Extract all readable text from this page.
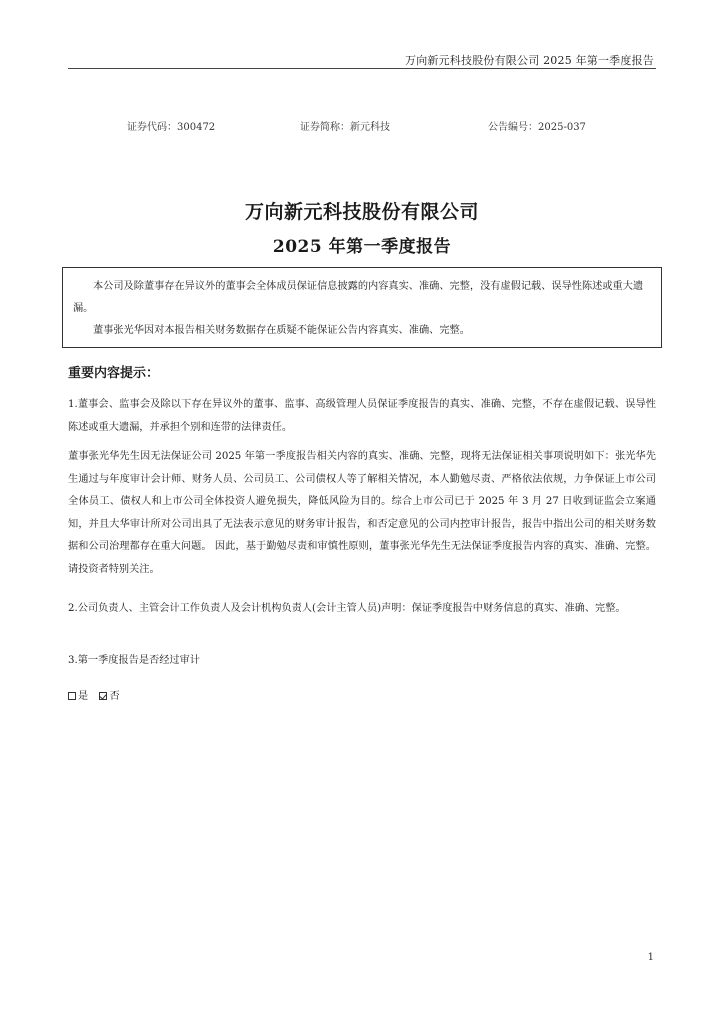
万向新元科技股份有限公司 2025 年第一季度报告
证券代码：300472	证券简称：新元科技	公告编号：2025-037
万向新元科技股份有限公司
2025 年第一季度报告

本公司及除董事存在异议外的董事会全体成员保证信息披露的内容真实、准确、完整，没有虚假记载、误导性陈述或重大遗漏。

董事张光华因对本报告相关财务数据存在质疑不能保证公告内容真实、准确、完整。

重要内容提示：

1.董事会、监事会及除以下存在异议外的董事、监事、高级管理人员保证季度报告的真实、准确、完整，不存在虚假记载、误导性陈述或重大遗漏，并承担个别和连带的法律责任。

董事张光华先生因无法保证公司 2025 年第一季度报告相关内容的真实、准确、完整，现将无法保证相关事项说明如下：张光华先生通过与年度审计会计师、财务人员、公司员工、公司债权人等了解相关情况，本人勤勉尽责、严格依法依规，力争保证上市公司全体员工、债权人和上市公司全体投资人避免损失，降低风险为目的。综合上市公司已于 2025 年 3 月 27 日收到证监会立案通知，并且大华审计所对公司出具了无法表示意见的财务审计报告，和否定意见的公司内控审计报告，报告中指出公司的相关财务数据和公司治理都存在重大问题。 因此，基于勤勉尽责和审慎性原则，董事张光华先生无法保证季度报告内容的真实、准确、完整。请投资者特别关注。

2.公司负责人、主管会计工作负责人及会计机构负责人(会计主管人员)声明：保证季度报告中财务信息的真实、准确、完整。

3.第一季度报告是否经过审计

是 否
1
